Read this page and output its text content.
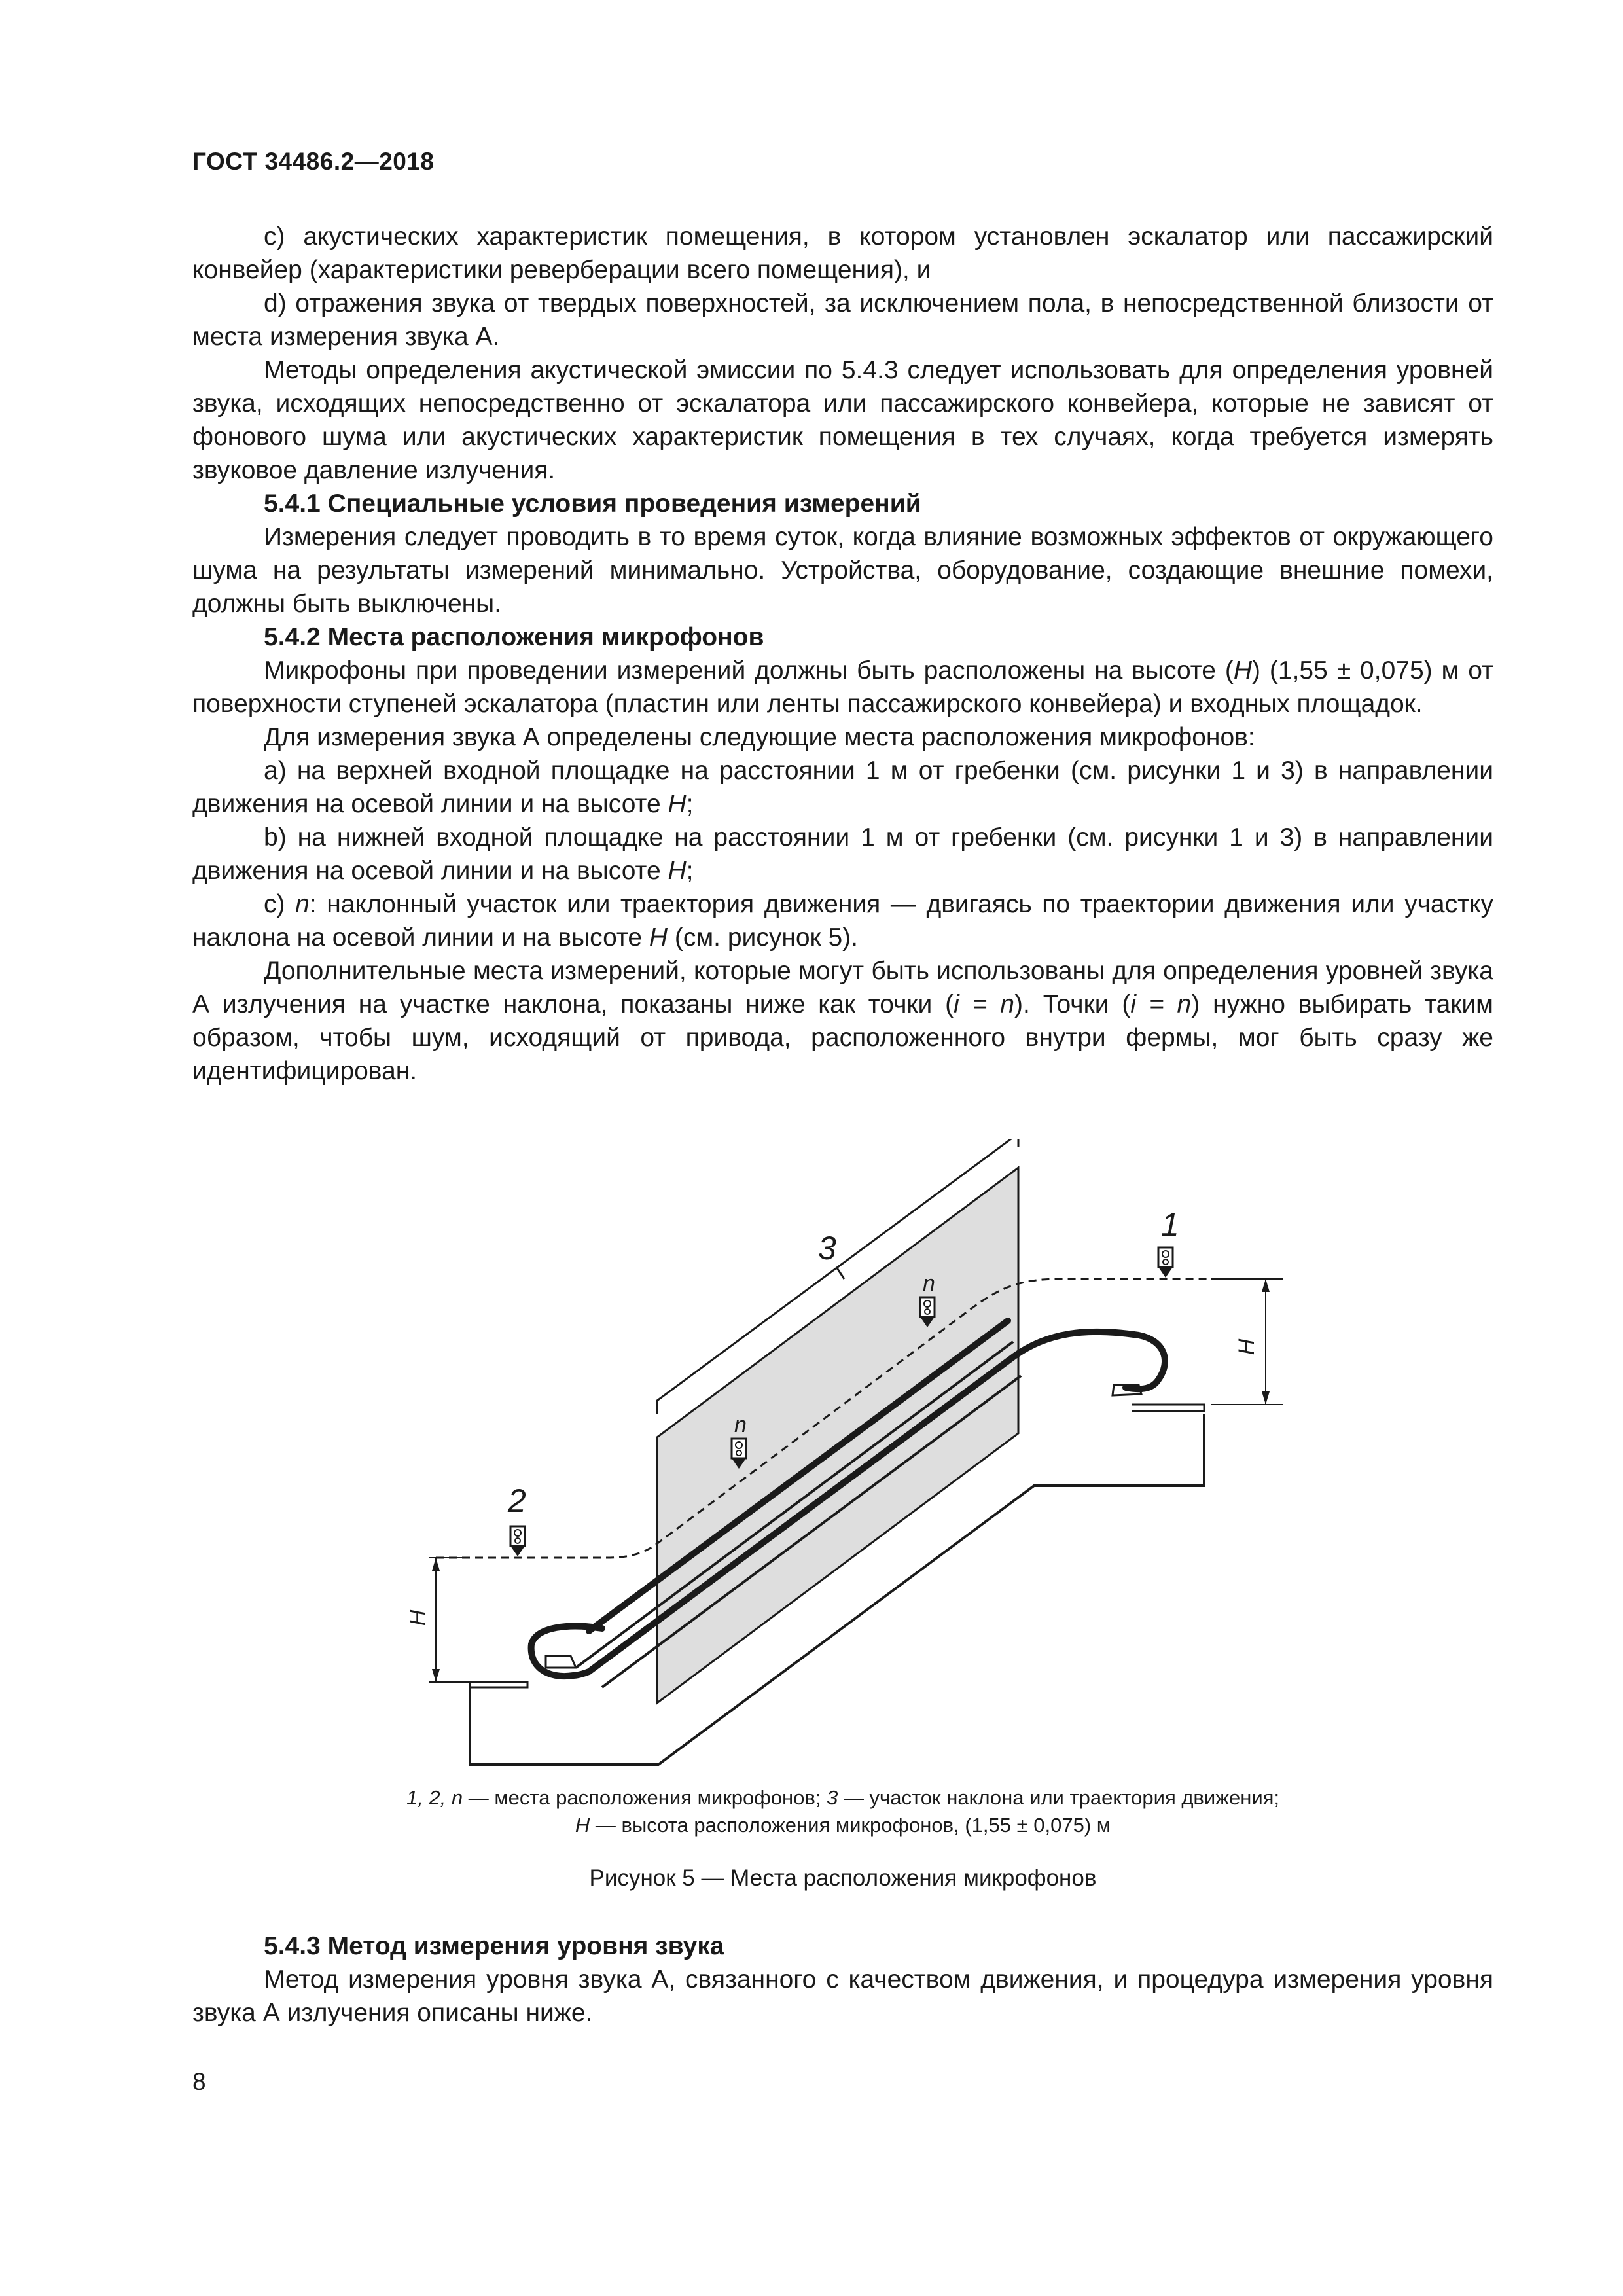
ГОСТ 34486.2—2018

c) акустических характеристик помещения, в котором установлен эскалатор или пассажирский конвейер (характеристики реверберации всего помещения), и

d) отражения звука от твердых поверхностей, за исключением пола, в непосредственной близости от места измерения звука А.

Методы определения акустической эмиссии по 5.4.3 следует использовать для определения уровней звука, исходящих непосредственно от эскалатора или пассажирского конвейера, которые не зависят от фонового шума или акустических характеристик помещения в тех случаях, когда требуется измерять звуковое давление излучения.

5.4.1 Специальные условия проведения измерений

Измерения следует проводить в то время суток, когда влияние возможных эффектов от окружающего шума на результаты измерений минимально. Устройства, оборудование, создающие внешние помехи, должны быть выключены.

5.4.2 Места расположения микрофонов

Микрофоны при проведении измерений должны быть расположены на высоте (H) (1,55 ± 0,075) м от поверхности ступеней эскалатора (пластин или ленты пассажирского конвейера) и входных площадок.

Для измерения звука А определены следующие места расположения микрофонов:

a) на верхней входной площадке на расстоянии 1 м от гребенки (см. рисунки 1 и 3) в направлении движения на осевой линии и на высоте H;

b) на нижней входной площадке на расстоянии 1 м от гребенки (см. рисунки 1 и 3) в направлении движения на осевой линии и на высоте H;

c) n: наклонный участок или траектория движения — двигаясь по траектории движения или участку наклона на осевой линии и на высоте H (см. рисунок 5).

Дополнительные места измерений, которые могут быть использованы для определения уровней звука А излучения на участке наклона, показаны ниже как точки (i = n). Точки (i = n) нужно выбирать таким образом, чтобы шум, исходящий от привода, расположенного внутри фермы, мог быть сразу же идентифицирован.

H
H
1
2
n
n
3
1, 2, n — места расположения микрофонов; 3 — участок наклона или траектория движения;
H — высота расположения микрофонов, (1,55 ± 0,075) м
Рисунок 5 — Места расположения микрофонов
5.4.3 Метод измерения уровня звука

Метод измерения уровня звука А, связанного с качеством движения, и процедура измерения уровня звука А излучения описаны ниже.

8
